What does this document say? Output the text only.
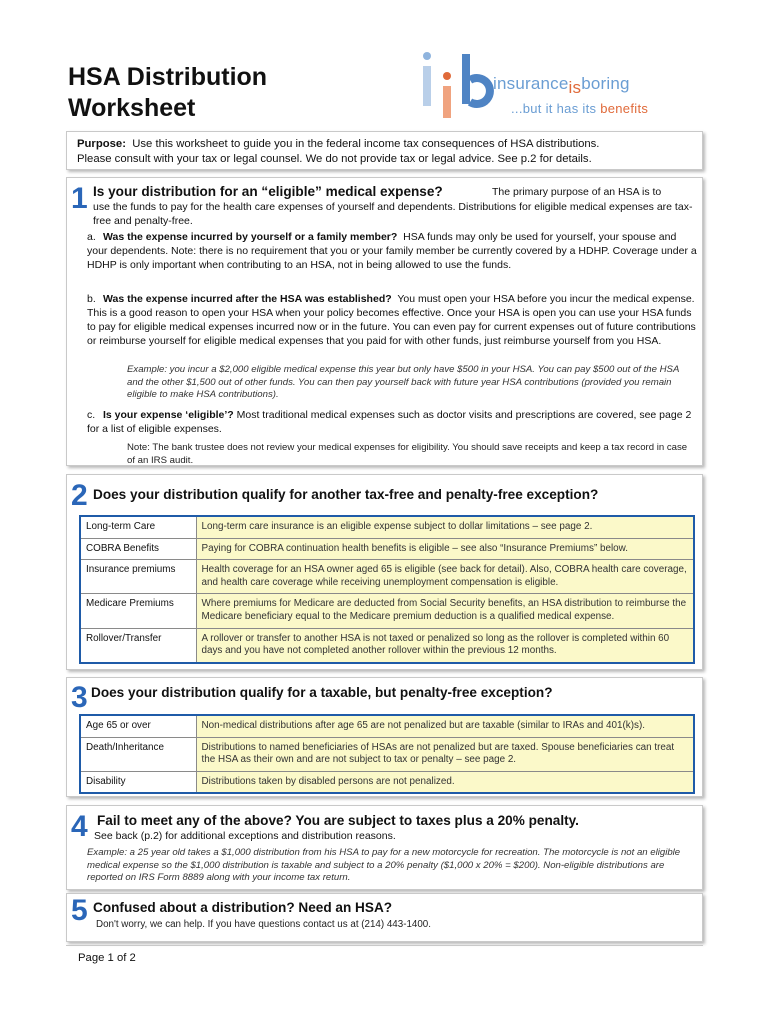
HSA Distribution
Worksheet
insuranceisboring
...but it has its benefits
Purpose: Use this worksheet to guide you in the federal income tax consequences of HSA distributions.
Please consult with your tax or legal counsel. We do not provide tax or legal advice. See p.2 for details.
1 Is your distribution for an “eligible” medical expense?	The primary purpose of an HSA is to
use the funds to pay for the health care expenses of yourself and dependents. Distributions for eligible medical expenses are tax-free and penalty-free.
a. Was the expense incurred by yourself or a family member? HSA funds may only be used for yourself, your spouse and your dependents. Note: there is no requirement that you or your family member be currently covered by a HDHP. Coverage under a HDHP is only important when contributing to an HSA, not in being allowed to use the funds.
b. Was the expense incurred after the HSA was established? You must open your HSA before you incur the medical expense. This is a good reason to open your HSA when your policy becomes effective. Once your HSA is open you can use your HSA funds to pay for eligible medical expenses incurred now or in the future. You can even pay for current expenses out of future contributions or reimburse yourself for eligible medical expenses that you paid for with other funds, just reimburse yourself from you HSA.
Example: you incur a $2,000 eligible medical expense this year but only have $500 in your HSA. You can pay $500 out of the HSA and the other $1,500 out of other funds. You can then pay yourself back with future year HSA contributions (provided you remain eligible to make HSA contributions).
c. Is your expense ‘eligible’? Most traditional medical expenses such as doctor visits and prescriptions are covered, see page 2 for a list of eligible expenses.
Note: The bank trustee does not review your medical expenses for eligibility. You should save receipts and keep a tax record in case of an IRS audit.
2 Does your distribution qualify for another tax-free and penalty-free exception?
Long-term Care	Long-term care insurance is an eligible expense subject to dollar limitations – see page 2.
COBRA Benefits	Paying for COBRA continuation health benefits is eligible – see also “Insurance Premiums” below.
Insurance premiums	Health coverage for an HSA owner aged 65 is eligible (see back for detail). Also, COBRA health care coverage, and health care coverage while receiving unemployment compensation is eligible.
Medicare Premiums	Where premiums for Medicare are deducted from Social Security benefits, an HSA distribution to reimburse the Medicare beneficiary equal to the Medicare premium deduction is a qualified medical expense.
Rollover/Transfer	A rollover or transfer to another HSA is not taxed or penalized so long as the rollover is completed within 60 days and you have not completed another rollover within the previous 12 months.
3 Does your distribution qualify for a taxable, but penalty-free exception?
Age 65 or over	Non-medical distributions after age 65 are not penalized but are taxable (similar to IRAs and 401(k)s).
Death/Inheritance	Distributions to named beneficiaries of HSAs are not penalized but are taxed. Spouse beneficiaries can treat the HSA as their own and are not subject to tax or penalty – see page 2.
Disability	Distributions taken by disabled persons are not penalized.
4 Fail to meet any of the above? You are subject to taxes plus a 20% penalty.
See back (p.2) for additional exceptions and distribution reasons.
Example: a 25 year old takes a $1,000 distribution from his HSA to pay for a new motorcycle for recreation. The motorcycle is not an eligible medical expense so the $1,000 distribution is taxable and subject to a 20% penalty ($1,000 x 20% = $200). Non-eligible distributions are reported on IRS Form 8889 along with your income tax return.
5 Confused about a distribution? Need an HSA?
Don't worry, we can help. If you have questions contact us at (214) 443-1400.
Page 1 of 2
